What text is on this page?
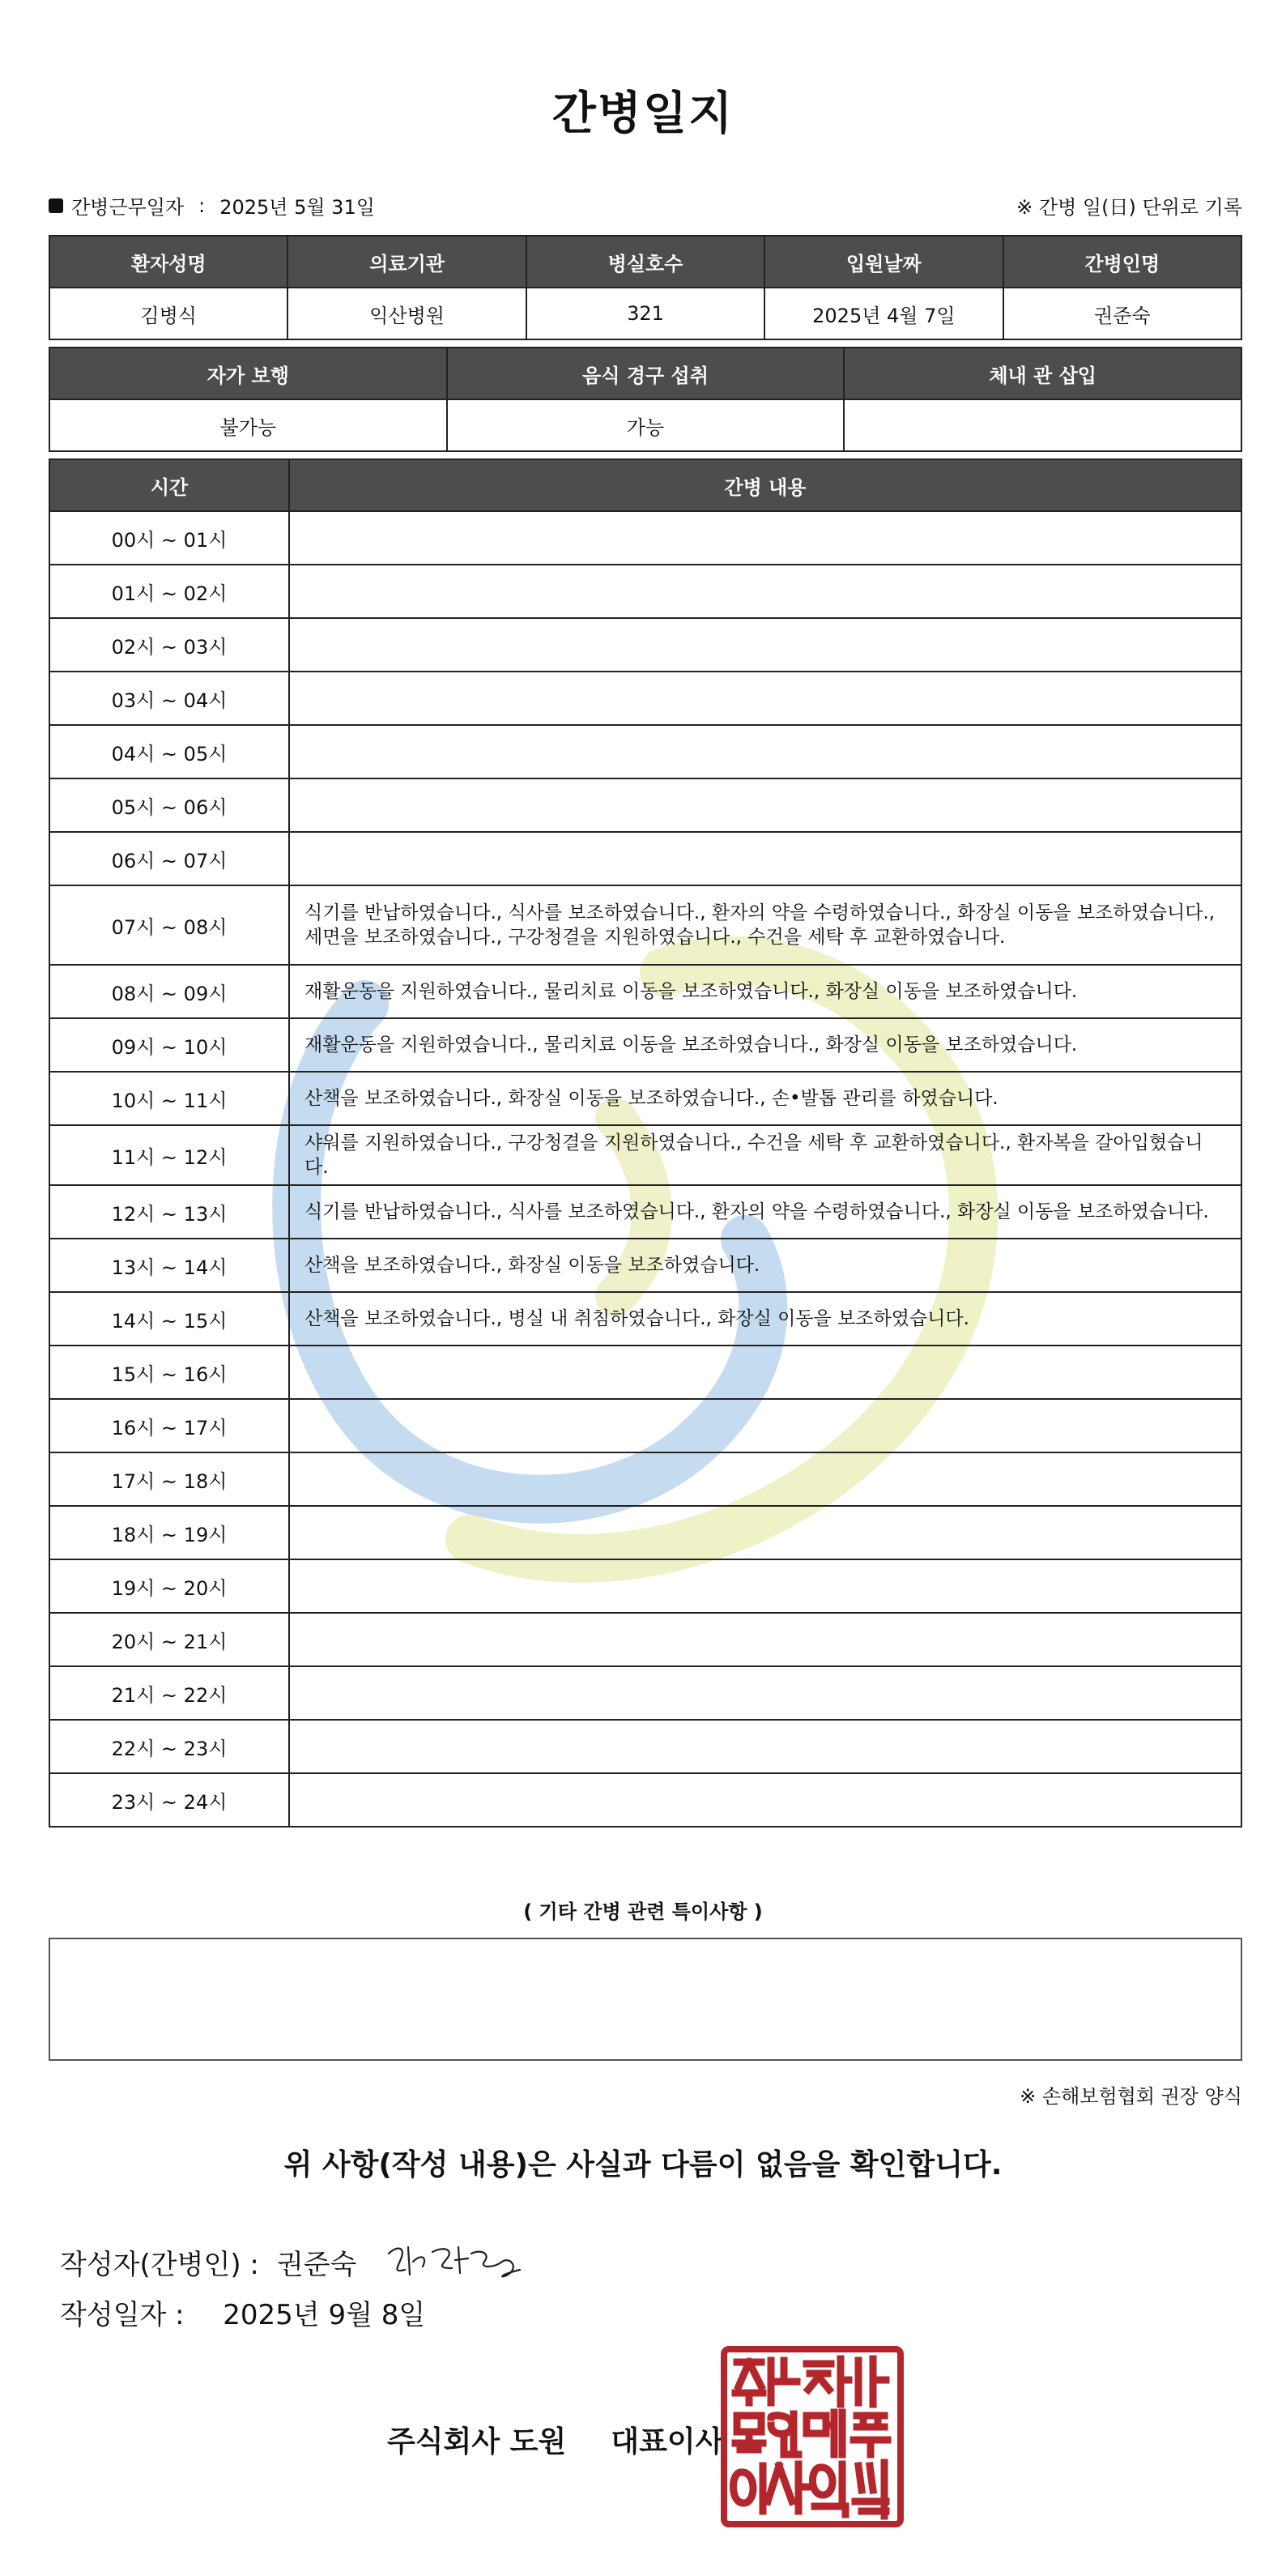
간병일지
간병근무일자 : 2025년 5월 31일	※ 간병 일(日) 단위로 기록
환자성명	의료기관	병실호수	입원날짜	간병인명
김병식	익산병원	321	2025년 4월 7일	권준숙
자가 보행	음식 경구 섭취	체내 관 삽입
불가능	가능	
시간	간병 내용
00시 ~ 01시	
01시 ~ 02시	
02시 ~ 03시	
03시 ~ 04시	
04시 ~ 05시	
05시 ~ 06시	
06시 ~ 07시	
07시 ~ 08시	식기를 반납하였습니다., 식사를 보조하였습니다., 환자의 약을 수령하였습니다., 화장실 이동을 보조하였습니다., 세면을 보조하였습니다., 구강청결을 지원하였습니다., 수건을 세탁 후 교환하였습니다.
08시 ~ 09시	재활운동을 지원하였습니다., 물리치료 이동을 보조하였습니다., 화장실 이동을 보조하였습니다.
09시 ~ 10시	재활운동을 지원하였습니다., 물리치료 이동을 보조하였습니다., 화장실 이동을 보조하였습니다.
10시 ~ 11시	산책을 보조하였습니다., 화장실 이동을 보조하였습니다., 손•발톱 관리를 하였습니다.
11시 ~ 12시	샤워를 지원하였습니다., 구강청결을 지원하였습니다., 수건을 세탁 후 교환하였습니다., 환자복을 갈아입혔습니다.
12시 ~ 13시	식기를 반납하였습니다., 식사를 보조하였습니다., 환자의 약을 수령하였습니다., 화장실 이동을 보조하였습니다.
13시 ~ 14시	산책을 보조하였습니다., 화장실 이동을 보조하였습니다.
14시 ~ 15시	산책을 보조하였습니다., 병실 내 취침하였습니다., 화장실 이동을 보조하였습니다.
15시 ~ 16시	
16시 ~ 17시	
17시 ~ 18시	
18시 ~ 19시	
19시 ~ 20시	
20시 ~ 21시	
21시 ~ 22시	
22시 ~ 23시	
23시 ~ 24시	
( 기타 간병 관련 특이사항 )
※ 손해보험협회 권장 양식
위 사항(작성 내용)은 사실과 다름이 없음을 확인합니다.
작성자(간병인) : 권준숙
작성일자 : 2025년 9월 8일
주식회사 도원 대표이사
